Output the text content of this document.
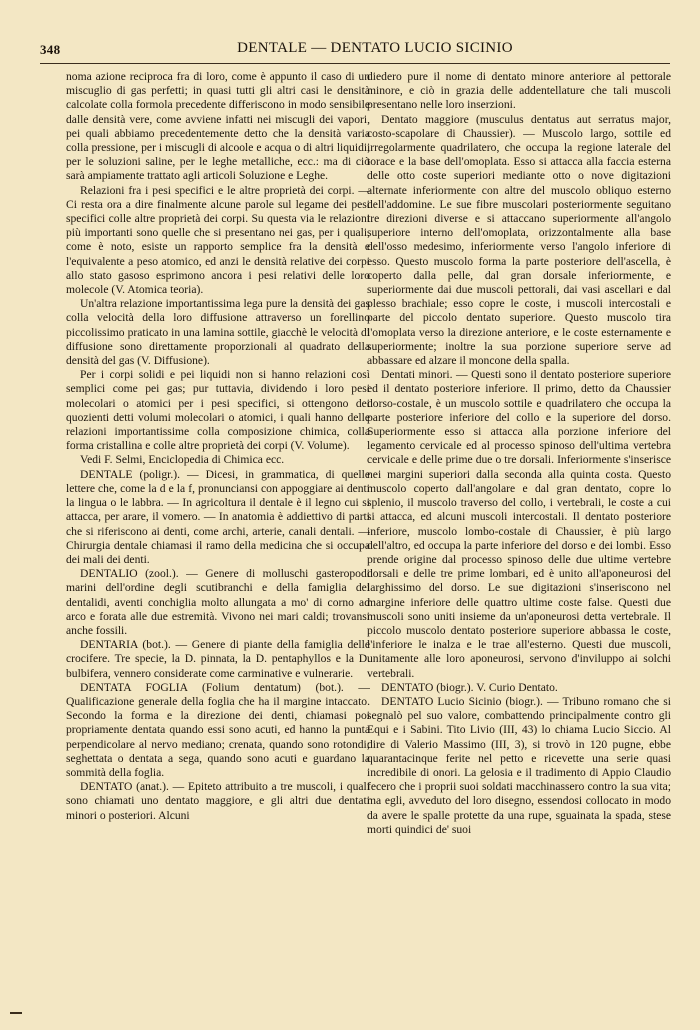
348	DENTALE — DENTATO LUCIO SICINIO

noma azione reciproca fra di loro, come è appunto il caso di un miscuglio di gas perfetti; in quasi tutti gli altri casi le densità calcolate colla formola precedente differiscono in modo sensibile dalle densità vere, come avviene infatti nei miscugli dei vapori, pei quali abbiamo precedentemente detto che la densità varia colla pressione, per i miscugli di alcoole e acqua o di altri liquidi, per le soluzioni saline, per le leghe metalliche, ecc.: ma di ciò sarà ampiamente trattato agli articoli Soluzione e Leghe.

Relazioni fra i pesi specifici e le altre proprietà dei corpi. — Ci resta ora a dire finalmente alcune parole sul legame dei pesi specifici colle altre proprietà dei corpi. Su questa via le relazioni più importanti sono quelle che si presentano nei gas, per i quali, come è noto, esiste un rapporto semplice fra la densità e l'equivalente a peso atomico, ed anzi le densità relative dei corpi allo stato gasoso esprimono ancora i pesi relativi delle loro molecole (V. Atomica teoria).

Un'altra relazione importantissima lega pure la densità dei gas colla velocità della loro diffusione attraverso un forellino piccolissimo praticato in una lamina sottile, giacchè le velocità di diffusione sono direttamente proporzionali al quadrato della densità del gas (V. Diffusione).

Per i corpi solidi e pei liquidi non si hanno relazioni così semplici come pei gas; pur tuttavia, dividendo i loro pesi molecolari o atomici per i pesi specifici, si ottengono dei quozienti detti volumi molecolari o atomici, i quali hanno delle relazioni importantissime colla composizione chimica, colla forma cristallina e colle altre proprietà dei corpi (V. Volume).

Vedi F. Selmi, Enciclopedia di Chimica ecc.

DENTALE (poligr.). — Dicesi, in grammatica, di quelle lettere che, come la d e la f, pronunciansi con appoggiare ai denti la lingua o le labbra. — In agricoltura il dentale è il legno cui si attacca, per arare, il vomero. — In anatomia è addiettivo di parti che si riferiscono ai denti, come archi, arterie, canali dentali. — Chirurgia dentale chiamasi il ramo della medicina che si occupa dei mali dei denti.

DENTALIO (zool.). — Genere di molluschi gasteropodi marini dell'ordine degli scutibranchi e della famiglia dei dentalidi, aventi conchiglia molto allungata a mo' di corno ad arco e forata alle due estremità. Vivono nei mari caldi; trovansi anche fossili.

DENTARIA (bot.). — Genere di piante della famiglia delle crocifere. Tre specie, la D. pinnata, la D. pentaphyllos e la D. bulbifera, vennero considerate come carminative e vulnerarie.

DENTATA FOGLIA (Folium dentatum) (bot.). — Qualificazione generale della foglia che ha il margine intaccato. Secondo la forma e la direzione dei denti, chiamasi poi propriamente dentata quando essi sono acuti, ed hanno la punta perpendicolare al nervo mediano; crenata, quando sono rotondi; seghettata o dentata a sega, quando sono acuti e guardano la sommità della foglia.

DENTATO (anat.). — Epiteto attribuito a tre muscoli, i quali sono chiamati uno dentato maggiore, e gli altri due dentati minori o posteriori. Alcuni

diedero pure il nome di dentato minore anteriore al pettorale minore, e ciò in grazia delle addentellature che tali muscoli presentano nelle loro inserzioni.

Dentato maggiore (musculus dentatus aut serratus major, costo-scapolare di Chaussier). — Muscolo largo, sottile ed irregolarmente quadrilatero, che occupa la regione laterale del torace e la base dell'omoplata. Esso si attacca alla faccia esterna delle otto coste superiori mediante otto o nove digitazioni alternate inferiormente con altre del muscolo obliquo esterno dell'addomine. Le sue fibre muscolari posteriormente seguitano tre direzioni diverse e si attaccano superiormente all'angolo superiore interno dell'omoplata, orizzontalmente alla base dell'osso medesimo, inferiormente verso l'angolo inferiore di esso. Questo muscolo forma la parte posteriore dell'ascella, è coperto dalla pelle, dal gran dorsale inferiormente, e superiormente dai due muscoli pettorali, dai vasi ascellari e dal plesso brachiale; esso copre le coste, i muscoli intercostali e parte del piccolo dentato superiore. Questo muscolo tira l'omoplata verso la direzione anteriore, e le coste esternamente e superiormente; inoltre la sua porzione superiore serve ad abbassare ed alzare il moncone della spalla.

Dentati minori. — Questi sono il dentato posteriore superiore ed il dentato posteriore inferiore. Il primo, detto da Chaussier dorso-costale, è un muscolo sottile e quadrilatero che occupa la parte posteriore inferiore del collo e la superiore del dorso. Superiormente esso si attacca alla porzione inferiore del legamento cervicale ed al processo spinoso dell'ultima vertebra cervicale e delle prime due o tre dorsali. Inferiormente s'inserisce nei margini superiori dalla seconda alla quinta costa. Questo muscolo coperto dall'angolare e dal gran dentato, copre lo splenio, il muscolo traverso del collo, i vertebrali, le coste a cui si attacca, ed alcuni muscoli intercostali. Il dentato posteriore inferiore, muscolo lombo-costale di Chaussier, è più largo dell'altro, ed occupa la parte inferiore del dorso e dei lombi. Esso prende origine dal processo spinoso delle due ultime vertebre dorsali e delle tre prime lombari, ed è unito all'aponeurosi del larghissimo del dorso. Le sue digitazioni s'inseriscono nel margine inferiore delle quattro ultime coste false. Questi due muscoli sono uniti insieme da un'aponeurosi detta vertebrale. Il piccolo muscolo dentato posteriore superiore abbassa le coste, l'inferiore le inalza e le trae all'esterno. Questi due muscoli, unitamente alle loro aponeurosi, servono d'inviluppo ai solchi vertebrali.

DENTATO (biogr.). V. Curio Dentato.

DENTATO Lucio Sicinio (biogr.). — Tribuno romano che si segnalò pel suo valore, combattendo principalmente contro gli Equi e i Sabini. Tito Livio (III, 43) lo chiama Lucio Siccio. Al dire di Valerio Massimo (III, 3), si trovò in 120 pugne, ebbe quarantacinque ferite nel petto e ricevette una serie quasi incredibile di onori. La gelosia e il tradimento di Appio Claudio fecero che i proprii suoi soldati macchinassero contro la sua vita; ma egli, avveduto del loro disegno, essendosi collocato in modo da avere le spalle protette da una rupe, sguainata la spada, stese morti quindici de' suoi
